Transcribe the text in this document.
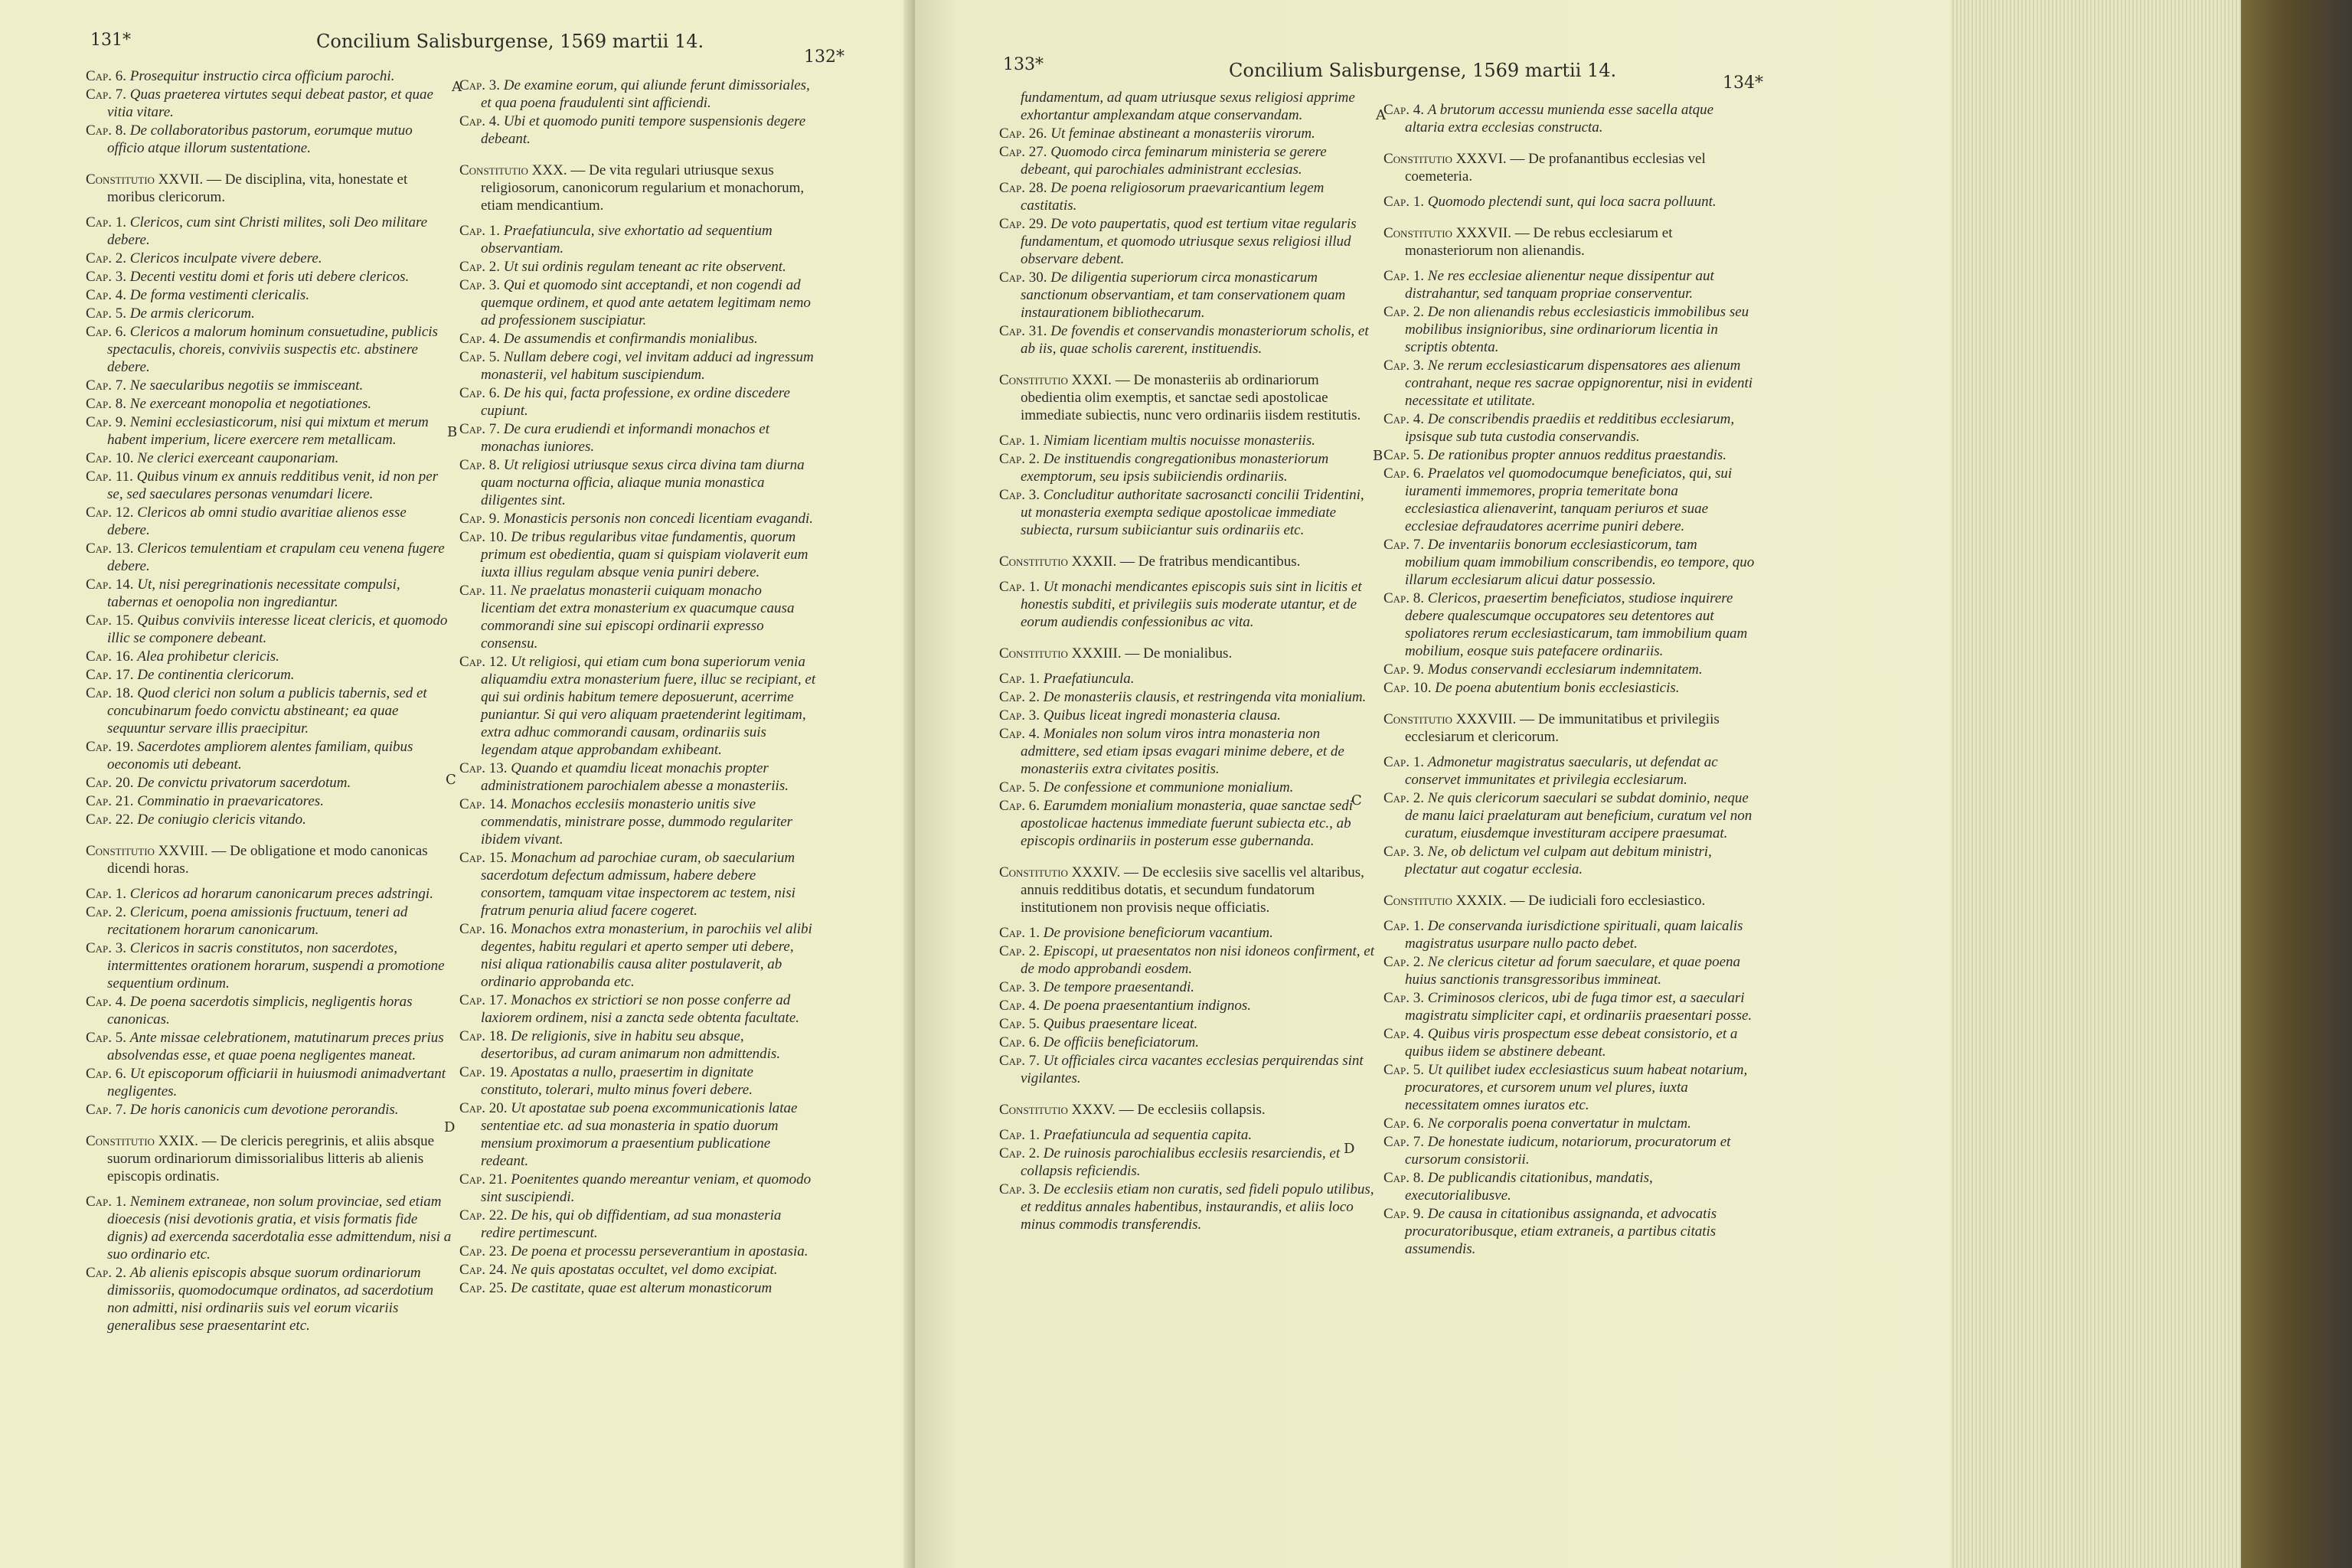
131*	Concilium Salisburgense, 1569 martii 14.
132*

Cap. 6. Prosequitur instructio circa officium parochi.

Cap. 7. Quas praeterea virtutes sequi debeat pastor, et quae vitia vitare.

Cap. 8. De collaboratoribus pastorum, eorumque mutuo officio atque illorum sustentatione.

Constitutio XXVII. — De disciplina, vita, honestate et moribus clericorum.

Cap. 1. Clericos, cum sint Christi milites, soli Deo militare debere.

Cap. 2. Clericos inculpate vivere debere.

Cap. 3. Decenti vestitu domi et foris uti debere clericos.

Cap. 4. De forma vestimenti clericalis.

Cap. 5. De armis clericorum.

Cap. 6. Clericos a malorum hominum consuetudine, publicis spectaculis, choreis, conviviis suspectis etc. abstinere debere.

Cap. 7. Ne saecularibus negotiis se immisceant.

Cap. 8. Ne exerceant monopolia et negotiationes.

Cap. 9. Nemini ecclesiasticorum, nisi qui mixtum et merum habent imperium, licere exercere rem metallicam.

Cap. 10. Ne clerici exerceant cauponariam.

Cap. 11. Quibus vinum ex annuis redditibus venit, id non per se, sed saeculares personas venumdari licere.

Cap. 12. Clericos ab omni studio avaritiae alienos esse debere.

Cap. 13. Clericos temulentiam et crapulam ceu venena fugere debere.

Cap. 14. Ut, nisi peregrinationis necessitate compulsi, tabernas et oenopolia non ingrediantur.

Cap. 15. Quibus conviviis interesse liceat clericis, et quomodo illic se componere debeant.

Cap. 16. Alea prohibetur clericis.

Cap. 17. De continentia clericorum.

Cap. 18. Quod clerici non solum a publicis tabernis, sed et concubinarum foedo convictu abstineant; ea quae sequuntur servare illis praecipitur.

Cap. 19. Sacerdotes ampliorem alentes familiam, quibus oeconomis uti debeant.

Cap. 20. De convictu privatorum sacerdotum.

Cap. 21. Comminatio in praevaricatores.

Cap. 22. De coniugio clericis vitando.

Constitutio XXVIII. — De obligatione et modo canonicas dicendi horas.

Cap. 1. Clericos ad horarum canonicarum preces adstringi.

Cap. 2. Clericum, poena amissionis fructuum, teneri ad recitationem horarum canonicarum.

Cap. 3. Clericos in sacris constitutos, non sacerdotes, intermittentes orationem horarum, suspendi a promotione sequentium ordinum.

Cap. 4. De poena sacerdotis simplicis, negligentis horas canonicas.

Cap. 5. Ante missae celebrationem, matutinarum preces prius absolvendas esse, et quae poena negligentes maneat.

Cap. 6. Ut episcoporum officiarii in huiusmodi animadvertant negligentes.

Cap. 7. De horis canonicis cum devotione perorandis.

Constitutio XXIX. — De clericis peregrinis, et aliis absque suorum ordinariorum dimissorialibus litteris ab alienis episcopis ordinatis.

Cap. 1. Neminem extraneae, non solum provinciae, sed etiam dioecesis (nisi devotionis gratia, et visis formatis fide dignis) ad exercenda sacerdotalia esse admittendum, nisi a suo ordinario etc.

Cap. 2. Ab alienis episcopis absque suorum ordinariorum dimissoriis, quomodocumque ordinatos, ad sacerdotium non admitti, nisi ordinariis suis vel eorum vicariis generalibus sese praesentarint etc.

Cap. 3. De examine eorum, qui aliunde ferunt dimissoriales, et qua poena fraudulenti sint afficiendi.

Cap. 4. Ubi et quomodo puniti tempore suspensionis degere debeant.

Constitutio XXX. — De vita regulari utriusque sexus religiosorum, canonicorum regularium et monachorum, etiam mendicantium.

Cap. 1. Praefatiuncula, sive exhortatio ad sequentium observantiam.

Cap. 2. Ut sui ordinis regulam teneant ac rite observent.

Cap. 3. Qui et quomodo sint acceptandi, et non cogendi ad quemque ordinem, et quod ante aetatem legitimam nemo ad professionem suscipiatur.

Cap. 4. De assumendis et confirmandis monialibus.

Cap. 5. Nullam debere cogi, vel invitam adduci ad ingressum monasterii, vel habitum suscipiendum.

Cap. 6. De his qui, facta professione, ex ordine discedere cupiunt.

Cap. 7. De cura erudiendi et informandi monachos et monachas iuniores.

Cap. 8. Ut religiosi utriusque sexus circa divina tam diurna quam nocturna officia, aliaque munia monastica diligentes sint.

Cap. 9. Monasticis personis non concedi licentiam evagandi.

Cap. 10. De tribus regularibus vitae fundamentis, quorum primum est obedientia, quam si quispiam violaverit eum iuxta illius regulam absque venia puniri debere.

Cap. 11. Ne praelatus monasterii cuiquam monacho licentiam det extra monasterium ex quacumque causa commorandi sine sui episcopi ordinarii expresso consensu.

Cap. 12. Ut religiosi, qui etiam cum bona superiorum venia aliquamdiu extra monasterium fuere, illuc se recipiant, et qui sui ordinis habitum temere deposuerunt, acerrime puniantur. Si qui vero aliquam praetenderint legitimam, extra adhuc commorandi causam, ordinariis suis legendam atque approbandam exhibeant.

Cap. 13. Quando et quamdiu liceat monachis propter administrationem parochialem abesse a monasteriis.

Cap. 14. Monachos ecclesiis monasterio unitis sive commendatis, ministrare posse, dummodo regulariter ibidem vivant.

Cap. 15. Monachum ad parochiae curam, ob saecularium sacerdotum defectum admissum, habere debere consortem, tamquam vitae inspectorem ac testem, nisi fratrum penuria aliud facere cogeret.

Cap. 16. Monachos extra monasterium, in parochiis vel alibi degentes, habitu regulari et aperto semper uti debere, nisi aliqua rationabilis causa aliter postulaverit, ab ordinario approbanda etc.

Cap. 17. Monachos ex strictiori se non posse conferre ad laxiorem ordinem, nisi a zancta sede obtenta facultate.

Cap. 18. De religionis, sive in habitu seu absque, desertoribus, ad curam animarum non admittendis.

Cap. 19. Apostatas a nullo, praesertim in dignitate constituto, tolerari, multo minus foveri debere.

Cap. 20. Ut apostatae sub poena excommunicationis latae sententiae etc. ad sua monasteria in spatio duorum mensium proximorum a praesentium publicatione redeant.

Cap. 21. Poenitentes quando mereantur veniam, et quomodo sint suscipiendi.

Cap. 22. De his, qui ob diffidentiam, ad sua monasteria redire pertimescunt.

Cap. 23. De poena et processu perseverantium in apostasia.

Cap. 24. Ne quis apostatas occultet, vel domo excipiat.

Cap. 25. De castitate, quae est alterum monasticorum

A
B
C
D
133*	Concilium Salisburgense, 1569 martii 14.
134*

fundamentum, ad quam utriusque sexus religiosi apprime exhortantur amplexandam atque conservandam.

Cap. 26. Ut feminae abstineant a monasteriis virorum.

Cap. 27. Quomodo circa feminarum ministeria se gerere debeant, qui parochiales administrant ecclesias.

Cap. 28. De poena religiosorum praevaricantium legem castitatis.

Cap. 29. De voto paupertatis, quod est tertium vitae regularis fundamentum, et quomodo utriusque sexus religiosi illud observare debent.

Cap. 30. De diligentia superiorum circa monasticarum sanctionum observantiam, et tam conservationem quam instaurationem bibliothecarum.

Cap. 31. De fovendis et conservandis monasteriorum scholis, et ab iis, quae scholis carerent, instituendis.

Constitutio XXXI. — De monasteriis ab ordinariorum obedientia olim exemptis, et sanctae sedi apostolicae immediate subiectis, nunc vero ordinariis iisdem restitutis.

Cap. 1. Nimiam licentiam multis nocuisse monasteriis.

Cap. 2. De instituendis congregationibus monasteriorum exemptorum, seu ipsis subiiciendis ordinariis.

Cap. 3. Concluditur authoritate sacrosancti concilii Tridentini, ut monasteria exempta sedique apostolicae immediate subiecta, rursum subiiciantur suis ordinariis etc.

Constitutio XXXII. — De fratribus mendicantibus.

Cap. 1. Ut monachi mendicantes episcopis suis sint in licitis et honestis subditi, et privilegiis suis moderate utantur, et de eorum audiendis confessionibus ac vita.

Constitutio XXXIII. — De monialibus.

Cap. 1. Praefatiuncula.

Cap. 2. De monasteriis clausis, et restringenda vita monialium.

Cap. 3. Quibus liceat ingredi monasteria clausa.

Cap. 4. Moniales non solum viros intra monasteria non admittere, sed etiam ipsas evagari minime debere, et de monasteriis extra civitates positis.

Cap. 5. De confessione et communione monialium.

Cap. 6. Earumdem monialium monasteria, quae sanctae sedi apostolicae hactenus immediate fuerunt subiecta etc., ab episcopis ordinariis in posterum esse gubernanda.

Constitutio XXXIV. — De ecclesiis sive sacellis vel altaribus, annuis redditibus dotatis, et secundum fundatorum institutionem non provisis neque officiatis.

Cap. 1. De provisione beneficiorum vacantium.

Cap. 2. Episcopi, ut praesentatos non nisi idoneos confirment, et de modo approbandi eosdem.

Cap. 3. De tempore praesentandi.

Cap. 4. De poena praesentantium indignos.

Cap. 5. Quibus praesentare liceat.

Cap. 6. De officiis beneficiatorum.

Cap. 7. Ut officiales circa vacantes ecclesias perquirendas sint vigilantes.

Constitutio XXXV. — De ecclesiis collapsis.

Cap. 1. Praefatiuncula ad sequentia capita.

Cap. 2. De ruinosis parochialibus ecclesiis resarciendis, et collapsis reficiendis.

Cap. 3. De ecclesiis etiam non curatis, sed fideli populo utilibus, et redditus annales habentibus, instaurandis, et aliis loco minus commodis transferendis.

Cap. 4. A brutorum accessu munienda esse sacella atque altaria extra ecclesias constructa.

Constitutio XXXVI. — De profanantibus ecclesias vel coemeteria.

Cap. 1. Quomodo plectendi sunt, qui loca sacra polluunt.

Constitutio XXXVII. — De rebus ecclesiarum et monasteriorum non alienandis.

Cap. 1. Ne res ecclesiae alienentur neque dissipentur aut distrahantur, sed tanquam propriae conserventur.

Cap. 2. De non alienandis rebus ecclesiasticis immobilibus seu mobilibus insignioribus, sine ordinariorum licentia in scriptis obtenta.

Cap. 3. Ne rerum ecclesiasticarum dispensatores aes alienum contrahant, neque res sacrae oppignorentur, nisi in evidenti necessitate et utilitate.

Cap. 4. De conscribendis praediis et redditibus ecclesiarum, ipsisque sub tuta custodia conservandis.

Cap. 5. De rationibus propter annuos redditus praestandis.

Cap. 6. Praelatos vel quomodocumque beneficiatos, qui, sui iuramenti immemores, propria temeritate bona ecclesiastica alienaverint, tanquam periuros et suae ecclesiae defraudatores acerrime puniri debere.

Cap. 7. De inventariis bonorum ecclesiasticorum, tam mobilium quam immobilium conscribendis, eo tempore, quo illarum ecclesiarum alicui datur possessio.

Cap. 8. Clericos, praesertim beneficiatos, studiose inquirere debere qualescumque occupatores seu detentores aut spoliatores rerum ecclesiasticarum, tam immobilium quam mobilium, eosque suis patefacere ordinariis.

Cap. 9. Modus conservandi ecclesiarum indemnitatem.

Cap. 10. De poena abutentium bonis ecclesiasticis.

Constitutio XXXVIII. — De immunitatibus et privilegiis ecclesiarum et clericorum.

Cap. 1. Admonetur magistratus saecularis, ut defendat ac conservet immunitates et privilegia ecclesiarum.

Cap. 2. Ne quis clericorum saeculari se subdat dominio, neque de manu laici praelaturam aut beneficium, curatum vel non curatum, eiusdemque investituram accipere praesumat.

Cap. 3. Ne, ob delictum vel culpam aut debitum ministri, plectatur aut cogatur ecclesia.

Constitutio XXXIX. — De iudiciali foro ecclesiastico.

Cap. 1. De conservanda iurisdictione spirituali, quam laicalis magistratus usurpare nullo pacto debet.

Cap. 2. Ne clericus citetur ad forum saeculare, et quae poena huius sanctionis transgressoribus immineat.

Cap. 3. Criminosos clericos, ubi de fuga timor est, a saeculari magistratu simpliciter capi, et ordinariis praesentari posse.

Cap. 4. Quibus viris prospectum esse debeat consistorio, et a quibus iidem se abstinere debeant.

Cap. 5. Ut quilibet iudex ecclesiasticus suum habeat notarium, procuratores, et cursorem unum vel plures, iuxta necessitatem omnes iuratos etc.

Cap. 6. Ne corporalis poena convertatur in mulctam.

Cap. 7. De honestate iudicum, notariorum, procuratorum et cursorum consistorii.

Cap. 8. De publicandis citationibus, mandatis, executorialibusve.

Cap. 9. De causa in citationibus assignanda, et advocatis procuratoribusque, etiam extraneis, a partibus citatis assumendis.

A
B
C
D
